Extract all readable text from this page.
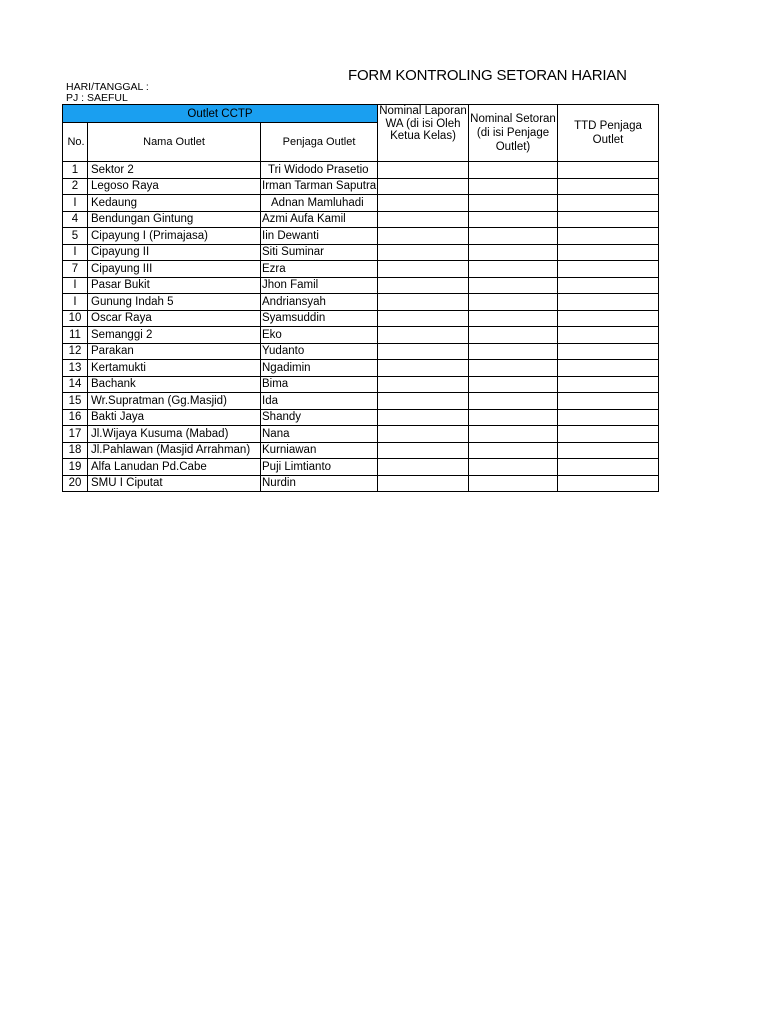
FORM KONTROLING SETORAN HARIAN
HARI/TANGGAL :
PJ : SAEFUL
Outlet CCTP			Nominal Laporan WA (di isi Oleh Ketua Kelas)	Nominal Setoran (di isi Penjage Outlet)	TTD Penjaga Outlet
No.	Nama Outlet	Penjaga Outlet			
1	Sektor 2	Tri Widodo Prasetio			
2	Legoso Raya	Irman Tarman Saputra			
I	Kedaung	Adnan Mamluhadi			
4	Bendungan Gintung	Azmi Aufa Kamil			
5	Cipayung I (Primajasa)	Iin Dewanti			
I	Cipayung II	Siti Suminar			
7	Cipayung III	Ezra			
I	Pasar Bukit	Jhon Famil			
I	Gunung Indah 5	Andriansyah			
10	Oscar Raya	Syamsuddin			
11	Semanggi 2	Eko			
12	Parakan	Yudanto			
13	Kertamukti	Ngadimin			
14	Bachank	Bima			
15	Wr.Supratman (Gg.Masjid)	Ida			
16	Bakti Jaya	Shandy			
17	Jl.Wijaya Kusuma (Mabad)	Nana			
18	Jl.Pahlawan (Masjid Arrahman)	Kurniawan			
19	Alfa Lanudan Pd.Cabe	Puji Limtianto			
20	SMU I Ciputat	Nurdin			
